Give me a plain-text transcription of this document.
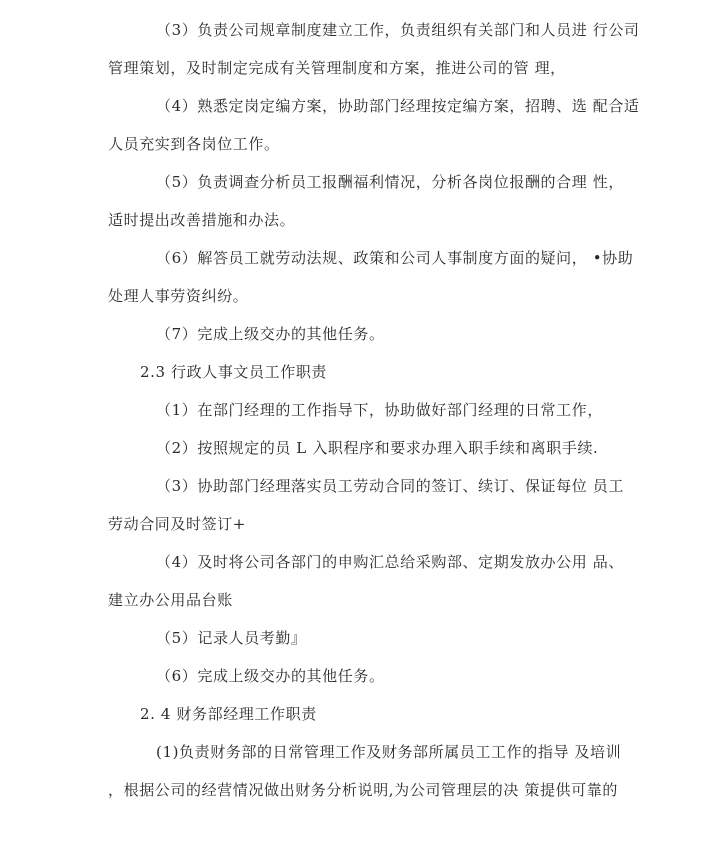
（3）负责公司规章制度建立工作，负责组织有关部门和人员进 行公司
管理策划，及时制定完成有关管理制度和方案，推进公司的管 理，
（4）熟悉定岗定编方案，协助部门经理按定编方案，招聘、选 配合适
人员充实到各岗位工作。
（5）负责调查分析员工报酬福利情况，分析各岗位报酬的合理 性，
适时提出改善措施和办法。
（6）解答员工就劳动法规、政策和公司人事制度方面的疑问， •协助
处理人事劳资纠纷。
（7）完成上级交办的其他任务。
2.3 行政人事文员工作职责
（1）在部门经理的工作指导下，协助做好部门经理的日常工作，
（2）按照规定的员 L 入职程序和要求办理入职手续和离职手续.
（3）协助部门经理落实员工劳动合同的签订、续订、保证每位 员工
劳动合同及时签订+
（4）及时将公司各部门的申购汇总给采购部、定期发放办公用 品、
建立办公用品台账
（5）记录人员考勤』
（6）完成上级交办的其他任务。
2. 4 财务部经理工作职责
(1)负责财务部的日常管理工作及财务部所属员工工作的指导 及培训
，根据公司的经营情况做出财务分析说明,为公司管理层的决 策提供可靠的
